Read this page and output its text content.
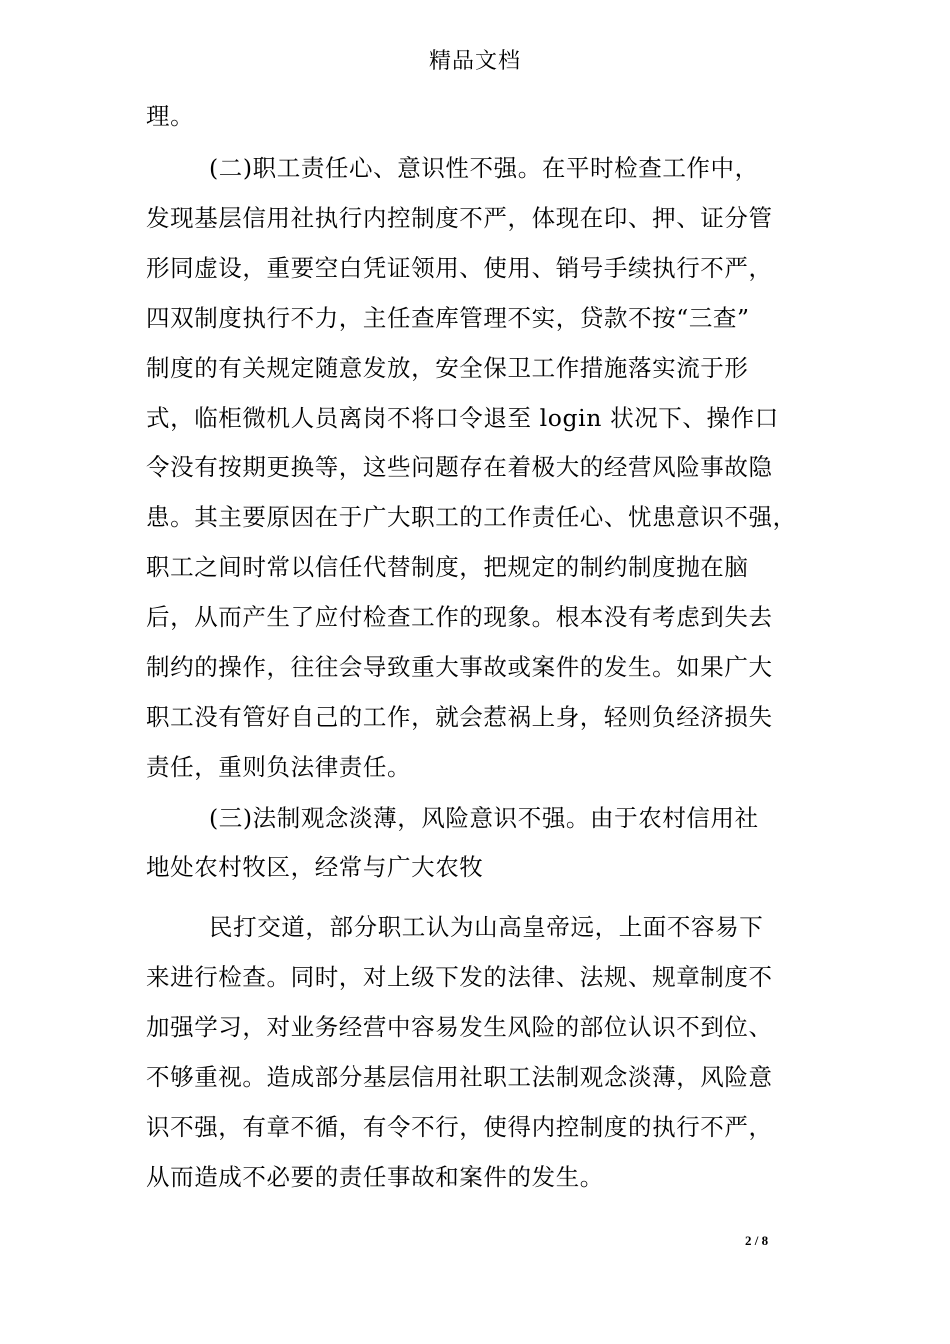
精品文档
理。
(二)职工责任心、意识性不强。在平时检查工作中，
发现基层信用社执行内控制度不严，体现在印、押、证分管
形同虚设，重要空白凭证领用、使用、销号手续执行不严，
四双制度执行不力，主任查库管理不实，贷款不按“三查”
制度的有关规定随意发放，安全保卫工作措施落实流于形
式，临柜微机人员离岗不将口令退至 login 状况下、操作口
令没有按期更换等，这些问题存在着极大的经营风险事故隐
患。其主要原因在于广大职工的工作责任心、忧患意识不强，
职工之间时常以信任代替制度，把规定的制约制度抛在脑
后，从而产生了应付检查工作的现象。根本没有考虑到失去
制约的操作，往往会导致重大事故或案件的发生。如果广大
职工没有管好自己的工作，就会惹祸上身，轻则负经济损失
责任，重则负法律责任。
(三)法制观念淡薄，风险意识不强。由于农村信用社
地处农村牧区，经常与广大农牧
民打交道，部分职工认为山高皇帝远，上面不容易下
来进行检查。同时，对上级下发的法律、法规、规章制度不
加强学习，对业务经营中容易发生风险的部位认识不到位、
不够重视。造成部分基层信用社职工法制观念淡薄，风险意
识不强，有章不循，有令不行，使得内控制度的执行不严，
从而造成不必要的责任事故和案件的发生。
2 / 8
